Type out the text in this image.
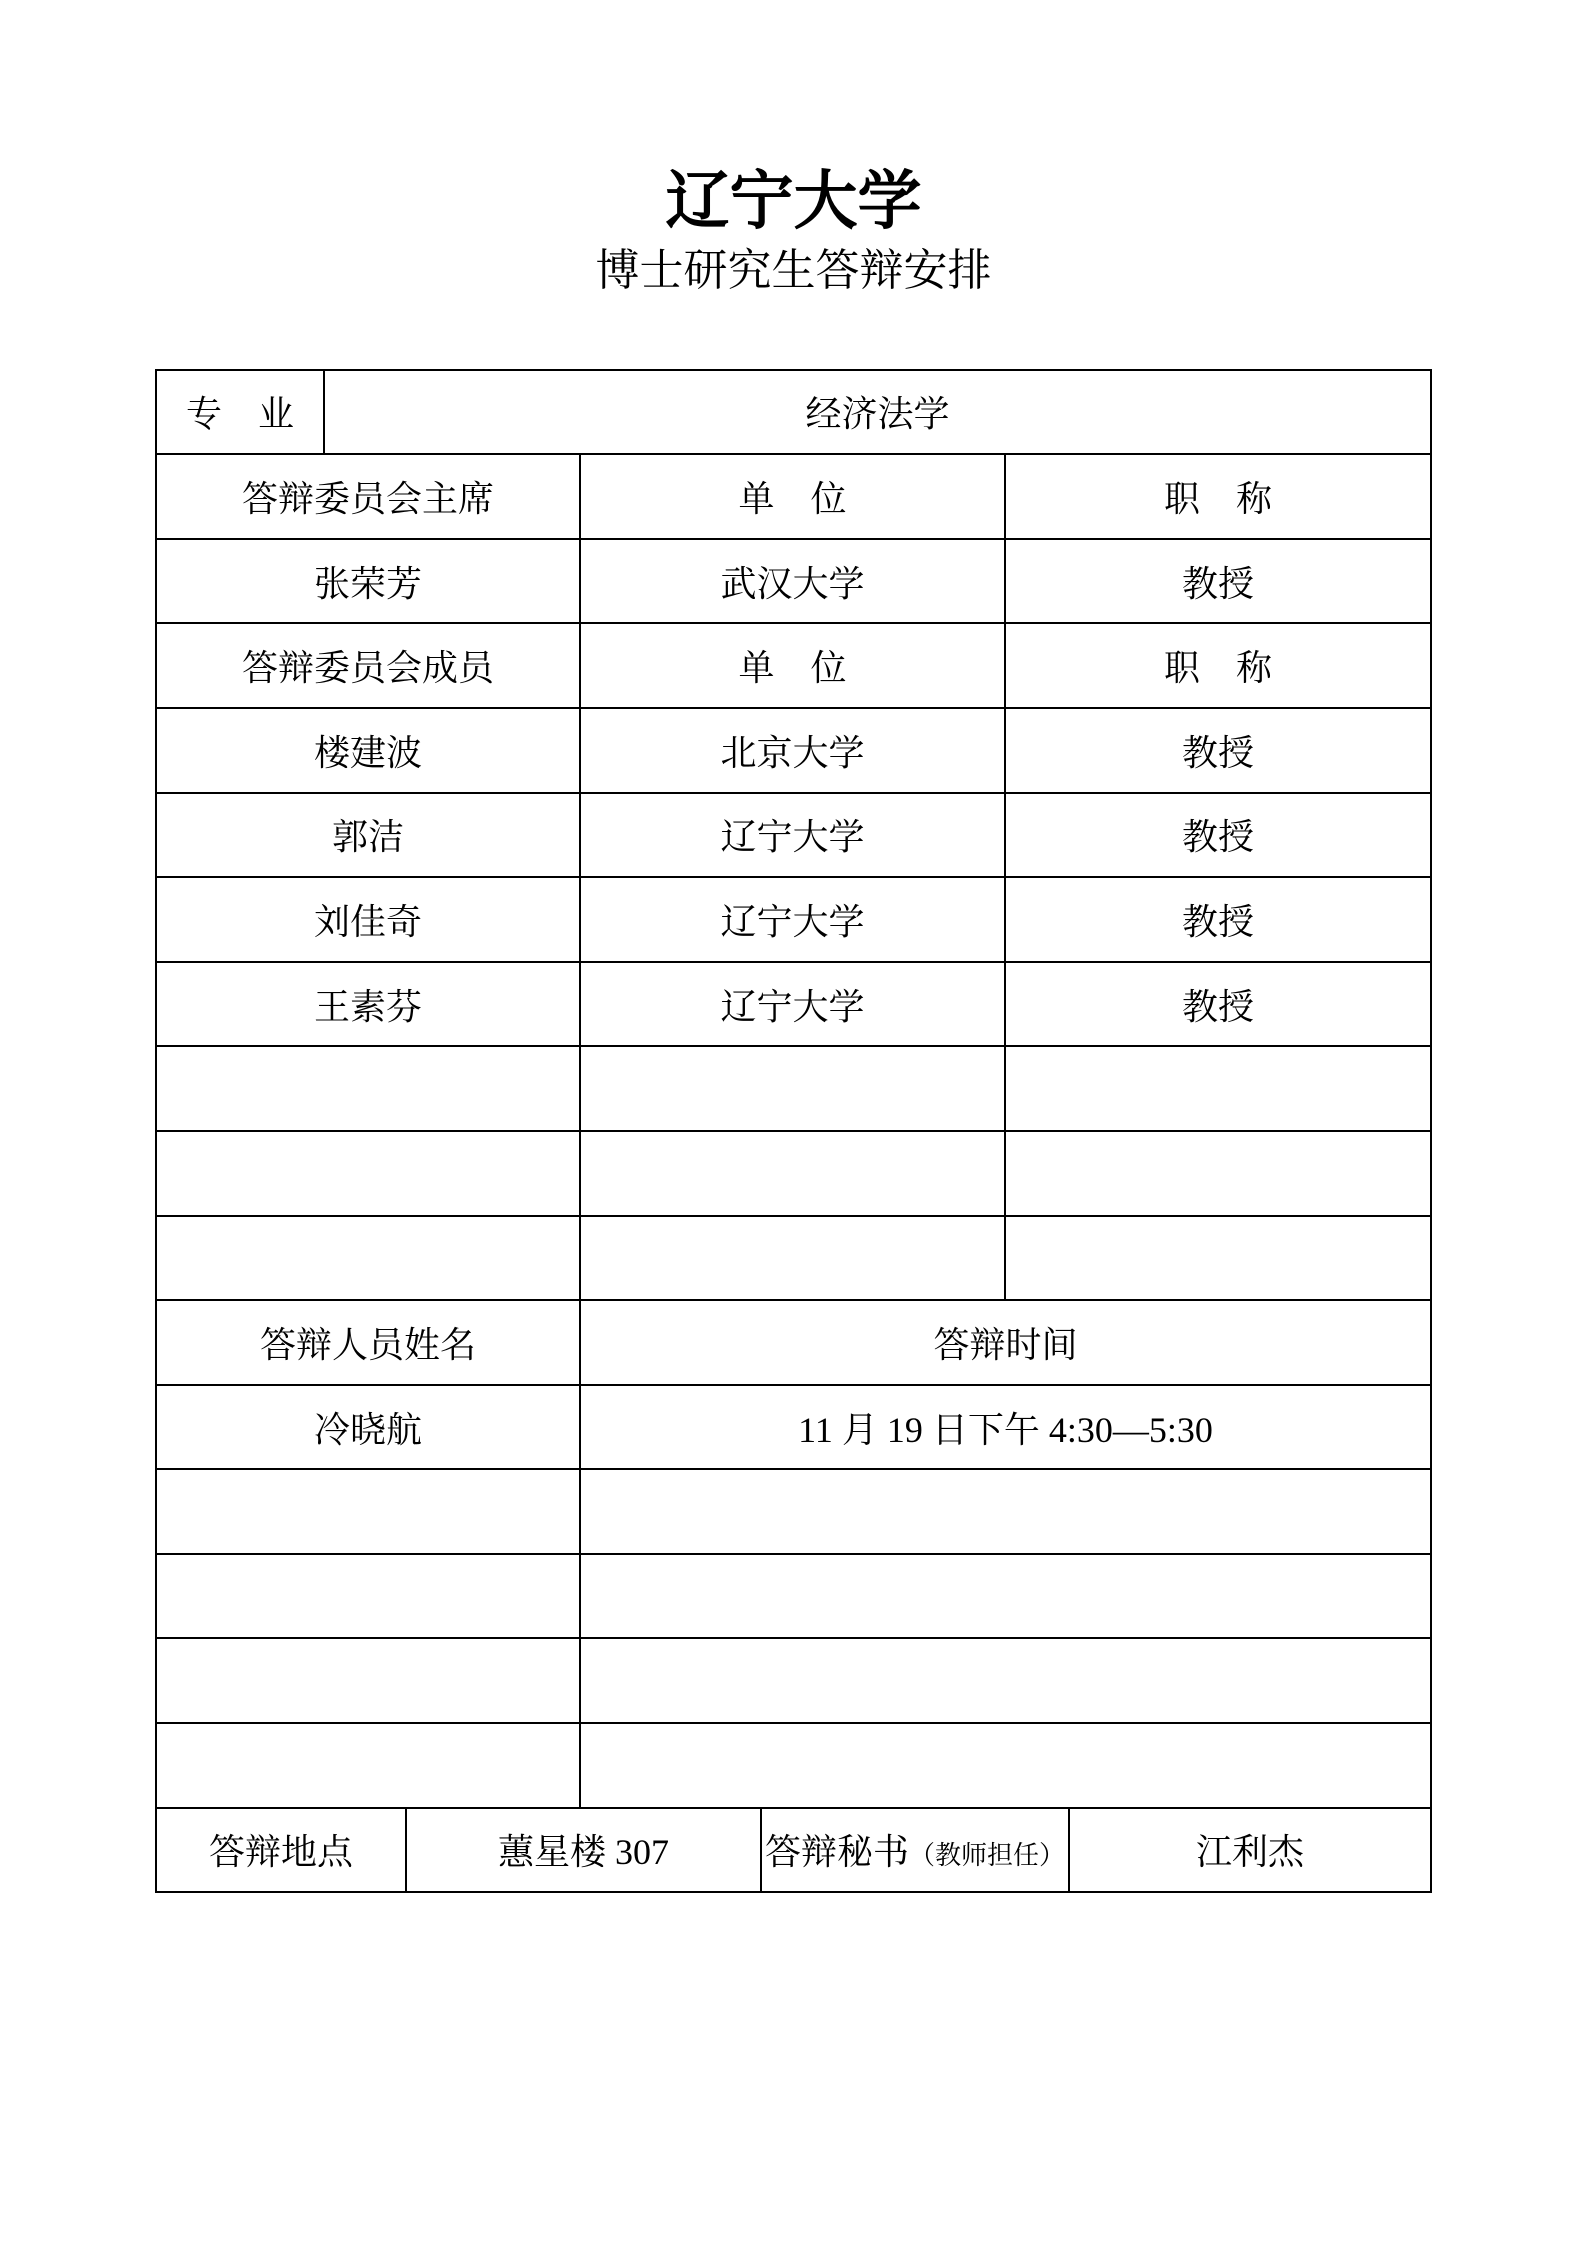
辽宁大学
博士研究生答辩安排
专　业	经济法学					
答辩委员会主席			单　位		职　称	
张荣芳			武汉大学		教授	
答辩委员会成员			单　位		职　称	
楼建波			北京大学		教授	
郭洁			辽宁大学		教授	
刘佳奇			辽宁大学		教授	
王素芬			辽宁大学		教授	

答辩人员姓名			答辩时间			
冷晓航			11 月 19 日下午 4:30—5:30			

答辩地点		蕙星楼 307		答辩秘书（教师担任）		江利杰
